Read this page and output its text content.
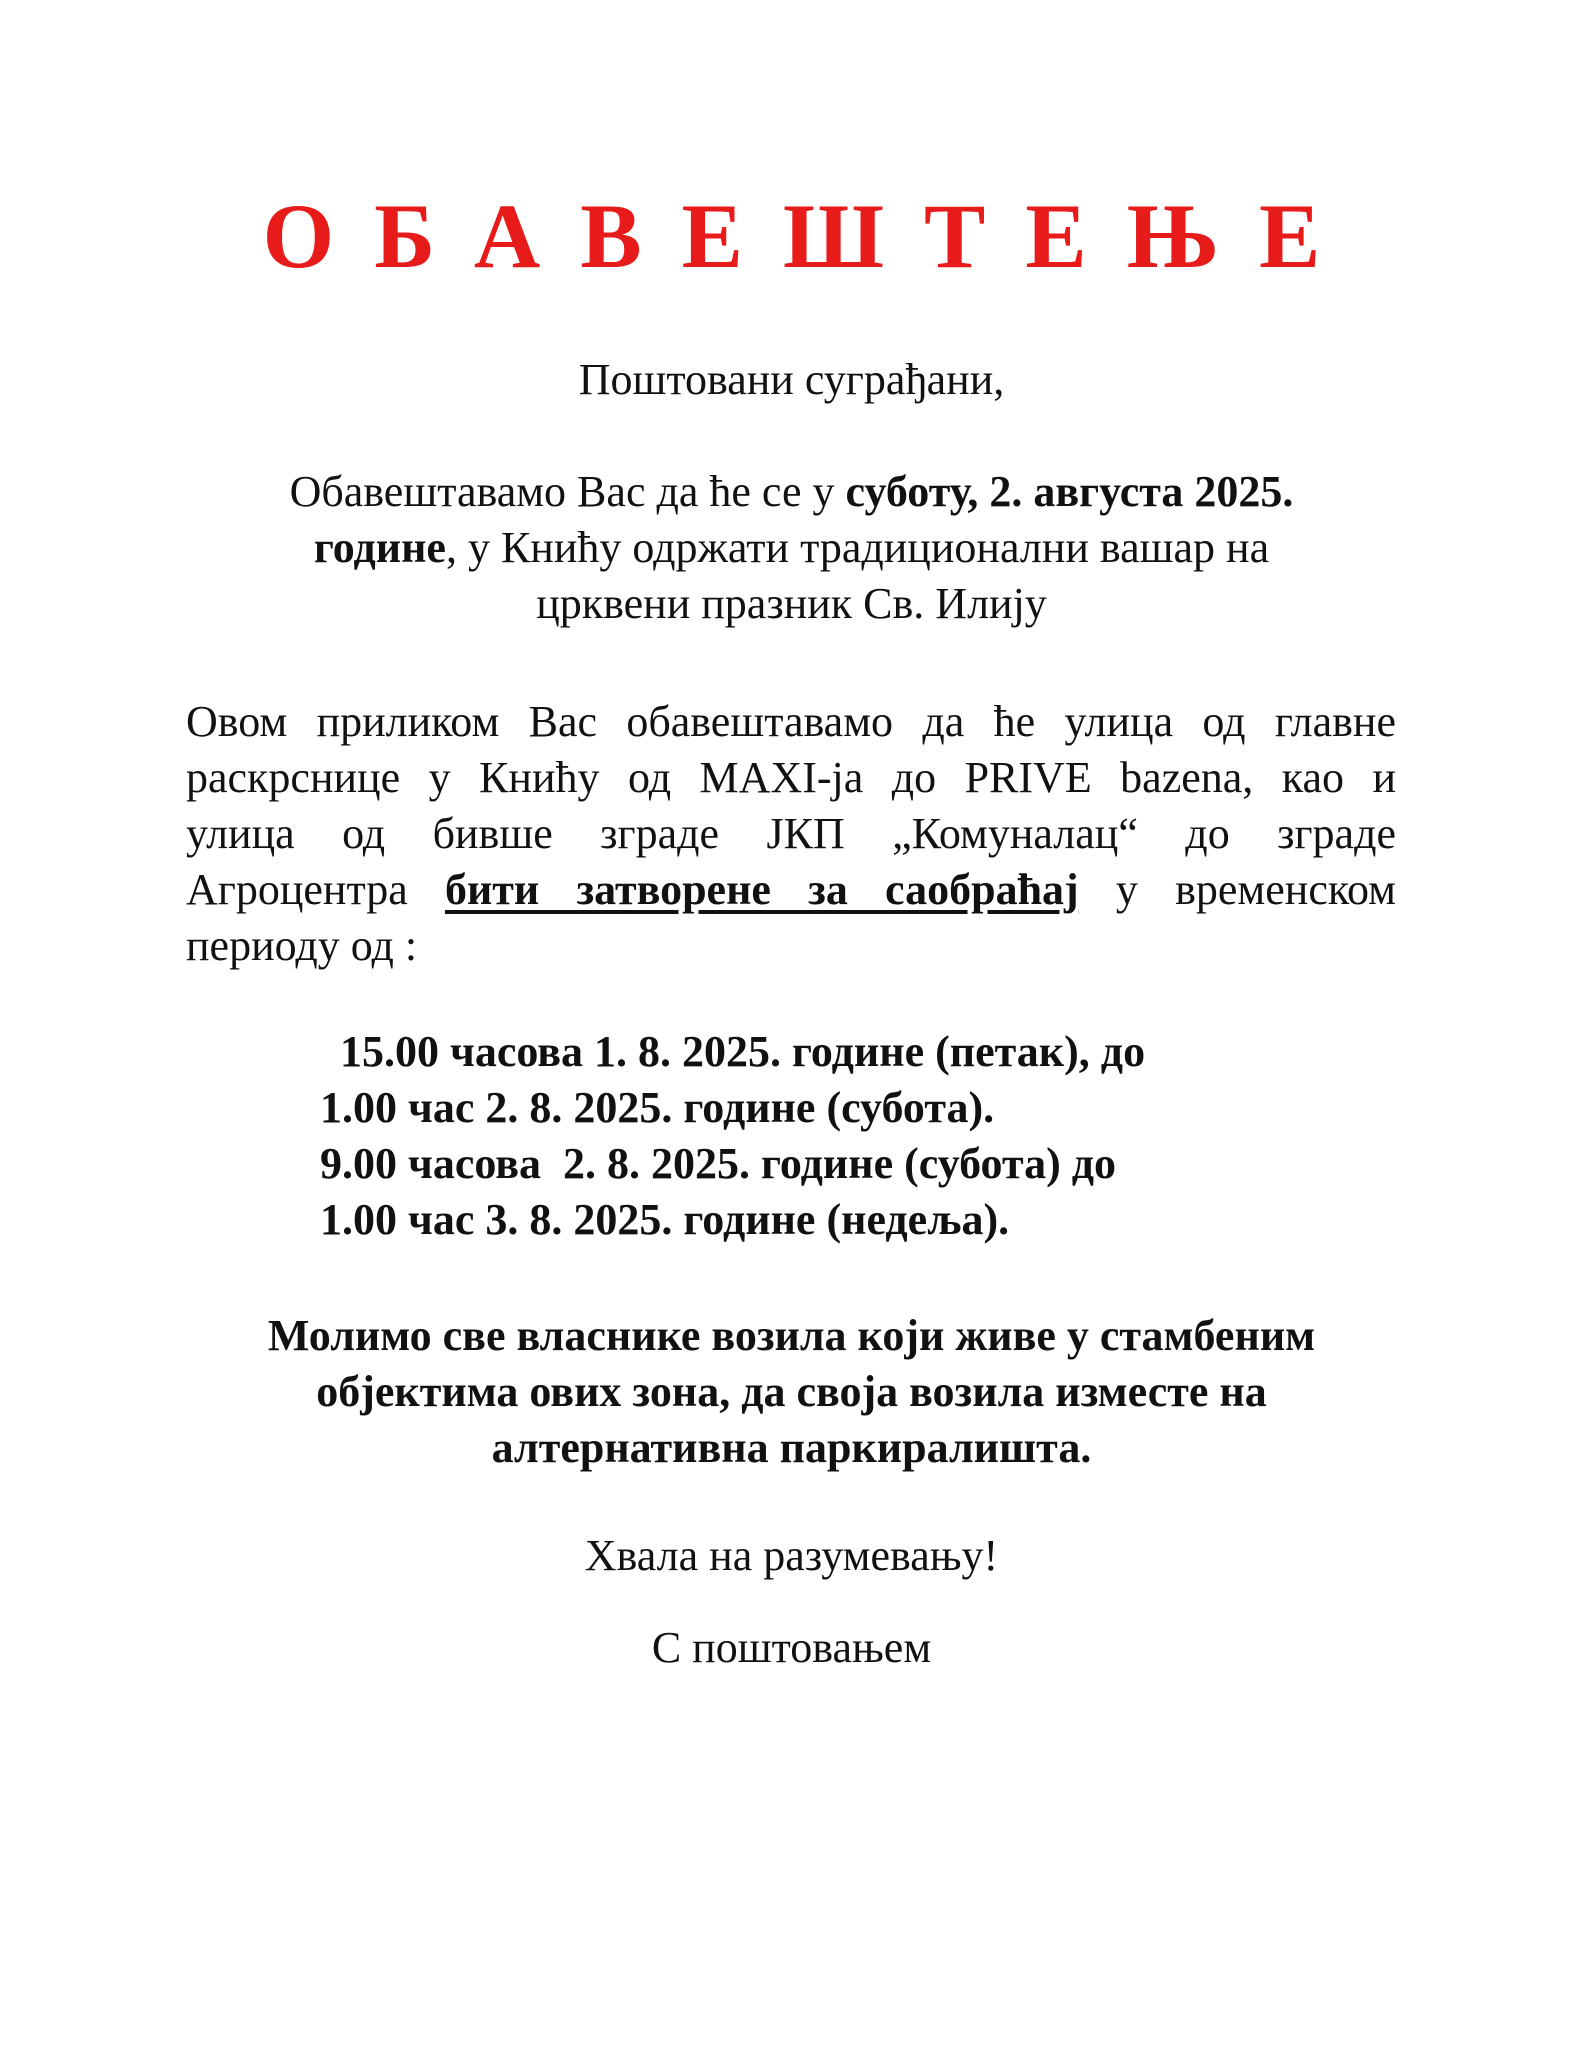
ОБАВЕШТЕЊЕ
Поштовани суграђани,
Обавештавамо Вас да ће се у суботу, 2. августа 2025.
године, у Книћу одржати традиционални вашар на
црквени празник Св. Илију
Овом приликом Вас обавештавамо да ће улица од главне
раскрснице у Книћу од MAXI-ја до PRIVE bazena, као и
улица од бивше зграде ЈКП „Комуналац“ до зграде
Агроцентра бити затворене за саобраћај у временском
периоду од :
15.00 часова 1. 8. 2025. године (петак), до
1.00 час 2. 8. 2025. године (субота).
9.00 часова  2. 8. 2025. године (субота) до
1.00 час 3. 8. 2025. године (недеља).
Молимо све власнике возила који живе у стамбеним
објектима ових зона, да своја возила изместе на
алтернативна паркиралишта.
Хвала на разумевању!
С поштовањем
